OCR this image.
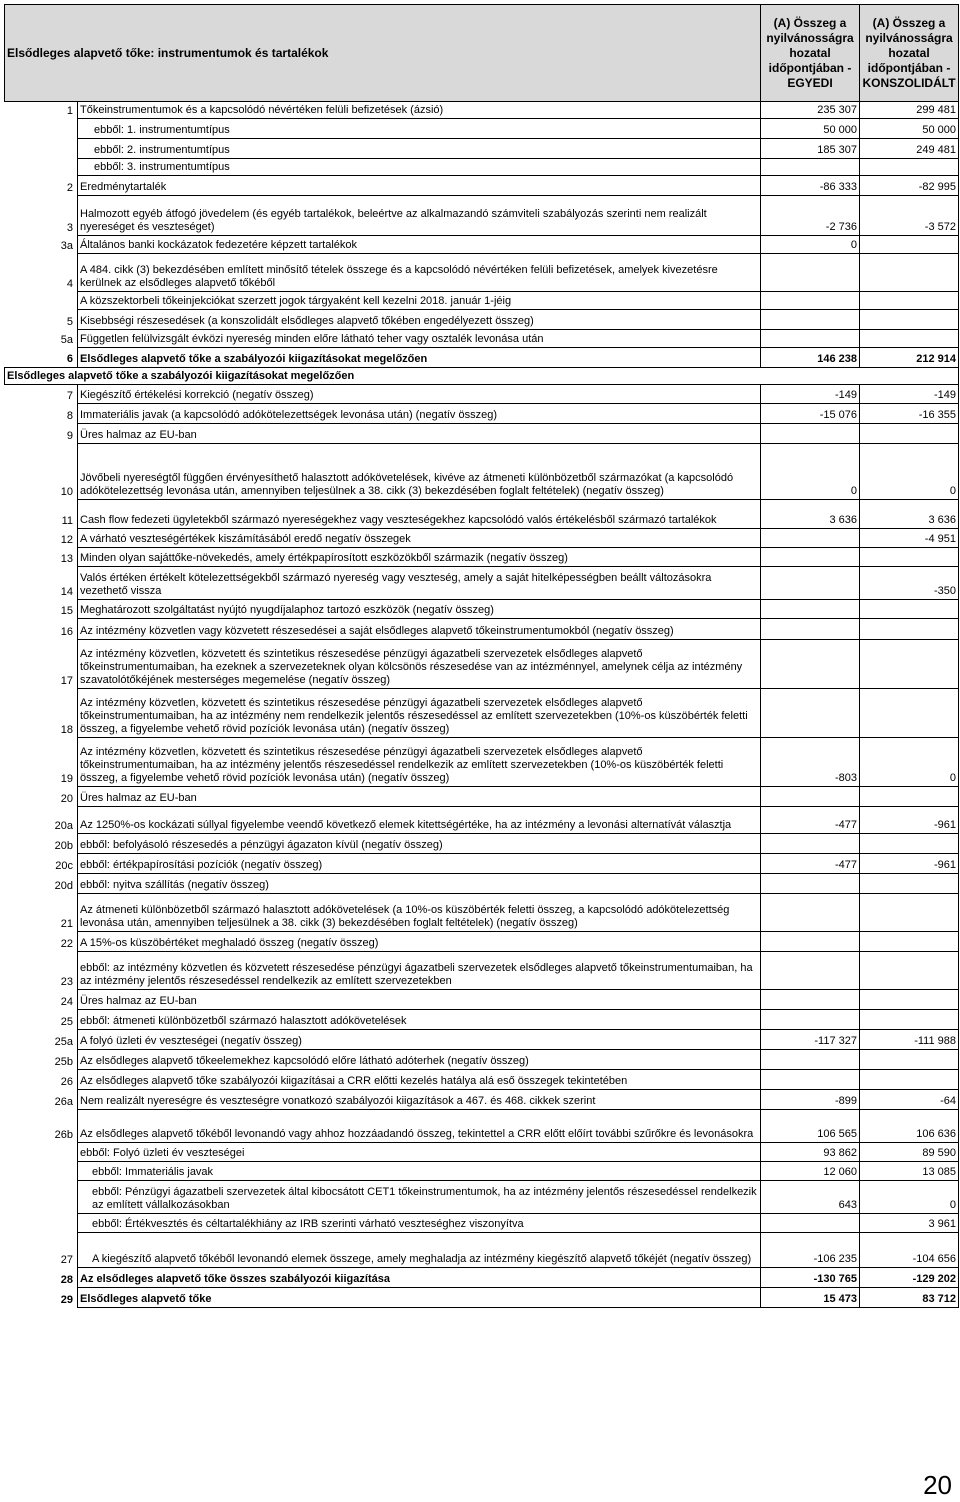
Elsődleges alapvető tőke: instrumentumok és tartalékok		(A) Összeg a nyilvánosságra hozatal időpontjában - EGYEDI	(A) Összeg a nyilvánosságra hozatal időpontjában - KONSZOLIDÁLT
1	Tőkeinstrumentumok és a kapcsolódó névértéken felüli befizetések (ázsió)	235 307	299 481
	ebből: 1. instrumentumtípus	50 000	50 000
	ebből: 2. instrumentumtípus	185 307	249 481
	ebből: 3. instrumentumtípus		
2	Eredménytartalék	-86 333	-82 995
3	Halmozott egyéb átfogó jövedelem (és egyéb tartalékok, beleértve az alkalmazandó számviteli szabályozás szerinti nem realizált nyereséget és veszteséget)	-2 736	-3 572
3a	Általános banki kockázatok fedezetére képzett tartalékok	0	
4	A 484. cikk (3) bekezdésében említett minősítő tételek összege és a kapcsolódó névértéken felüli befizetések, amelyek kivezetésre kerülnek az elsődleges alapvető tőkéből		
	A közszektorbeli tőkeinjekciókat szerzett jogok tárgyaként kell kezelni 2018. január 1-jéig		
5	Kisebbségi részesedések (a konszolidált elsődleges alapvető tőkében engedélyezett összeg)		
5a	Független felülvizsgált évközi nyereség minden előre látható teher vagy osztalék levonása után		
6	Elsődleges alapvető tőke a szabályozói kiigazításokat megelőzően	146 238	212 914
Elsődleges alapvető tőke a szabályozói kiigazításokat megelőzően			
7	Kiegészítő értékelési korrekció (negatív összeg)	-149	-149
8	Immateriális javak (a kapcsolódó adókötelezettségek levonása után) (negatív összeg)	-15 076	-16 355
9	Üres halmaz az EU-ban		
10	Jövőbeli nyereségtől függően érvényesíthető halasztott adókövetelések, kivéve az átmeneti különbözetből származókat (a kapcsolódó adókötelezettség levonása után, amennyiben teljesülnek a 38. cikk (3) bekezdésében foglalt feltételek) (negatív összeg)	0	0
11	Cash flow fedezeti ügyletekből származó nyereségekhez vagy veszteségekhez kapcsolódó valós értékelésből származó tartalékok	3 636	3 636
12	A várható veszteségértékek kiszámításából eredő negatív összegek		-4 951
13	Minden olyan sajáttőke-növekedés, amely értékpapírosított eszközökből származik (negatív összeg)		
14	Valós értéken értékelt kötelezettségekből származó nyereség vagy veszteség, amely a saját hitelképességben beállt változásokra vezethető vissza		-350
15	Meghatározott szolgáltatást nyújtó nyugdíjalaphoz tartozó eszközök (negatív összeg)		
16	Az intézmény közvetlen vagy közvetett részesedései a saját elsődleges alapvető tőkeinstrumentumokból (negatív összeg)		
17	Az intézmény közvetlen, közvetett és szintetikus részesedése pénzügyi ágazatbeli szervezetek elsődleges alapvető tőkeinstrumentumaiban, ha ezeknek a szervezeteknek olyan kölcsönös részesedése van az intézménnyel, amelynek célja az intézmény szavatolótőkéjének mesterséges megemelése (negatív összeg)		
18	Az intézmény közvetlen, közvetett és szintetikus részesedése pénzügyi ágazatbeli szervezetek elsődleges alapvető tőkeinstrumentumaiban, ha az intézmény nem rendelkezik jelentős részesedéssel az említett szervezetekben (10%-os küszöbérték feletti összeg, a figyelembe vehető rövid pozíciók levonása után) (negatív összeg)		
19	Az intézmény közvetlen, közvetett és szintetikus részesedése pénzügyi ágazatbeli szervezetek elsődleges alapvető tőkeinstrumentumaiban, ha az intézmény jelentős részesedéssel rendelkezik az említett szervezetekben (10%-os küszöbérték feletti összeg, a figyelembe vehető rövid pozíciók levonása után) (negatív összeg)	-803	0
20	Üres halmaz az EU-ban		
20a	Az 1250%-os kockázati súllyal figyelembe veendő következő elemek kitettségértéke, ha az intézmény a levonási alternatívát választja	-477	-961
20b	ebből: befolyásoló részesedés a pénzügyi ágazaton kívül (negatív összeg)		
20c	ebből: értékpapírosítási pozíciók (negatív összeg)	-477	-961
20d	ebből: nyitva szállítás (negatív összeg)		
21	Az átmeneti különbözetből származó halasztott adókövetelések (a 10%-os küszöbérték feletti összeg, a kapcsolódó adókötelezettség levonása után, amennyiben teljesülnek a 38. cikk (3) bekezdésében foglalt feltételek) (negatív összeg)		
22	A 15%-os küszöbértéket meghaladó összeg (negatív összeg)		
23	ebből: az intézmény közvetlen és közvetett részesedése pénzügyi ágazatbeli szervezetek elsődleges alapvető tőkeinstrumentumaiban, ha az intézmény jelentős részesedéssel rendelkezik az említett szervezetekben		
24	Üres halmaz az EU-ban		
25	ebből: átmeneti különbözetből származó halasztott adókövetelések		
25a	A folyó üzleti év veszteségei (negatív összeg)	-117 327	-111 988
25b	Az elsődleges alapvető tőkeelemekhez kapcsolódó előre látható adóterhek (negatív összeg)		
26	Az elsődleges alapvető tőke szabályozói kiigazításai a CRR előtti kezelés hatálya alá eső összegek tekintetében		
26a	Nem realizált nyereségre és veszteségre vonatkozó szabályozói kiigazítások a 467. és 468. cikkek szerint	-899	-64
26b	Az elsődleges alapvető tőkéből levonandó vagy ahhoz hozzáadandó összeg, tekintettel a CRR előtt előírt további szűrőkre és levonásokra	106 565	106 636
	ebből: Folyó üzleti év veszteségei	93 862	89 590
	ebből: Immateriális javak	12 060	13 085
	ebből: Pénzügyi ágazatbeli szervezetek által kibocsátott CET1 tőkeinstrumentumok, ha az intézmény jelentős részesedéssel rendelkezik az említett vállalkozásokban	643	0
	ebből: Értékvesztés és céltartalékhiány az IRB szerinti várható veszteséghez viszonyítva		3 961
27	A kiegészítő alapvető tőkéből levonandó elemek összege, amely meghaladja az intézmény kiegészítő alapvető tőkéjét (negatív összeg)	-106 235	-104 656
28	Az elsődleges alapvető tőke összes szabályozói kiigazítása	-130 765	-129 202
29	Elsődleges alapvető tőke	15 473	83 712
20
